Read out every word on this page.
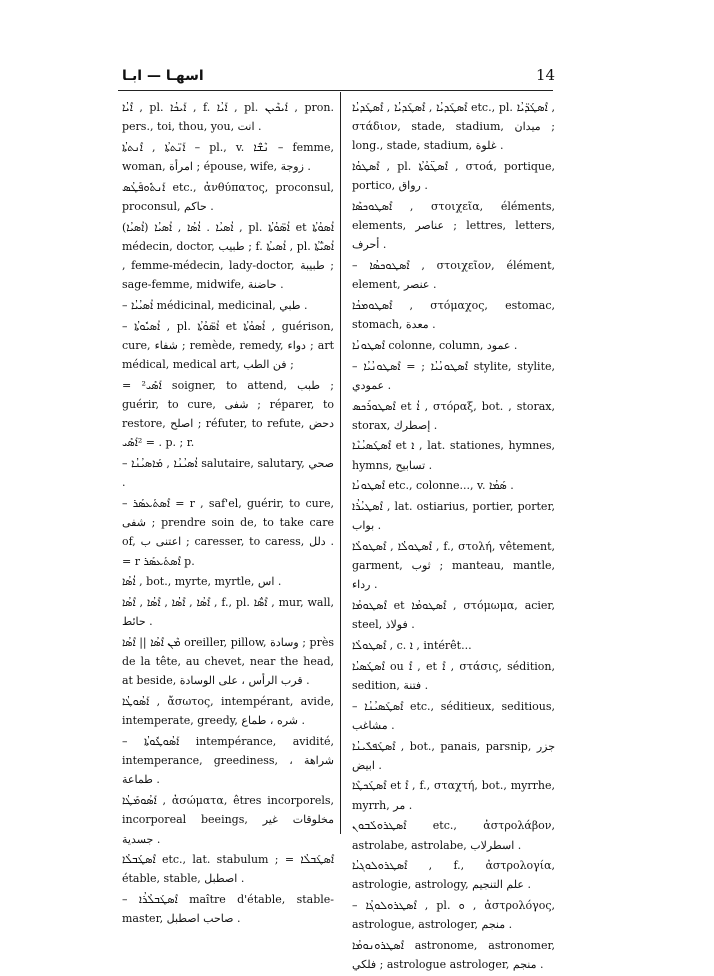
اسهـا — ابـا	14

ܐܶܝܳܐ , pl. ܐܰܝܟܳܐ , f. ܐܰܝܳܐ , pl. ܐܰܝܟܶܝܢ , pron. pers., toi, thou, you, انت .

ܐܰܢ̈ܬܬܳܐ , ܐܶܢܬܬܳܐ – pl., v. ܢܶܫ̈ܶܐ – femme, woman, امرأة ; épouse, wife, زوجة .

ܐܰܢܬܽܘܦܰܛܳܣ etc., ἀνθύπατος, proconsul, proconsul, حاكم .

(ܐܳܣܝܳܐ) ܐܳܣܝܳܐ . ܐܳܣܳܐ , ܐܳܣܝܳܐ , pl. ܐܳܣ̈ܘܳܬܳܐ et ܐܳܣܘܳܬܳܐ médecin, doctor, طبيب ; f. ܐܳܣܝܬܳܐ , pl. ܐܳܣܝ̈ܳܬܳܐ , femme-médecin, lady-doctor, طبيبة ; sage-femme, midwife, حاضنة .

– ܐܳܣܝܳܝܳܐ médicinal, medicinal, طبي .

– ܐܳܣܝܽܘܬܳܐ , pl. ܐܳܣ̈ܘܳܬܳܐ et ܐܳܣܘܳܬܳܐ , guérison, cure, شفاء ; remède, remedy, دواء ; art médical, medical art, فن الطب ;

= ²ܐܰܣܺܝ soigner, to attend, طبب ; guérir, to cure, شفى ; réparer, to restore, اصلح ; réfuter, to refute, دحض . = ²ܐܰܣܺܝ p. ; r.

– ܐܳܣܝܳܢܳܐ , ܡܰܐܣܝܳܢܳܐ salutaire, salutary, صحي .

– ܐܶܣܬܰܥܣܰܪ = r , saf'el, guérir, to cure, شفى ; prendre soin de, to take care of, اعتنى ب ; caresser, to caress, دلل . = r ܐܶܣܬܰܥܣܰܪ p.

ܐܳܣܳܐ , bot., myrte, myrtle, اس .

ܐܶܣܳܐ , ܐܶܣܳܐ , ܐܶܣܳܐ , ܐܶܣܳܐ , f., pl. ܐܶܣ̈ܳܐ , mur, wall, حائط .

ܡܶܢ ܐܶܣܳܐ || ܐܶܣܳܐ oreiller, pillow, وسادة ; près de la tête, au chevet, near the head, at beside, قرب الرأس ، على الوسادة .

ܐܰܣܳܘܛܳܐ , ἄσωτος, intempérant, avide, intemperate, greedy, شره ، طماع .

– ܐܰܣܳܘܛܽܘܬܳܐ intempérance, avidité, intemperance, greediness, شراهة ، طماعة .

ܐܰܣܳܘܡܰܛܳܐ , ἀσώματα, êtres incorporels, incorporeal beeings, مخلوقات غير جسدية .

ܐܶܣܛܰܒܠܳܐ etc., lat. stabulum ; = ܐܶܣܛܰܒܠܳܐ étable, stable, اصطبل .

– ܐܶܣܛܰܒܠܳܪܳܐ maître d'étable, stable-master, صاحب اصطبل .

ܐܶܣܛܰܕܝܳܐ , ܐܶܣܛܰܕܝܳܐ , ܐܶܣܛܰܕܝܳܐ etc., pl. ܐܶܣܛܰܕ̈ܝܳܐ , στάδιον, stade, stadium, ميدان ; long., stade, stadium, غلوة .

ܐܶܣܛܘܳܐ , pl. ܐܶܣܛ̈ܘܳܬܳܐ , στοά, portique, portico, رواق .

ܐܶܣܛܘܟܣܶܐ , στοιχεῖα, éléments, elements, عناصر ; lettres, letters, أحرف .

– ܐܶܣܛܘܟܣܳܐ , στοιχεῖον, élément, element, عنصر .

ܐܶܣܛܘܡܟܳܐ , στόμαχος, estomac, stomach, معدة .

ܐܶܣܛܘܢܳܐ colonne, column, عمود .

– ܐܶܣܛܘܢܳܝܳܐ ; = ܐܶܣܛܘܢܳܝܳܐ stylite, stylite, عمودي .

ܐܶܣܛܘܪܰܟܣ et ܐܳ , στόραξ, bot. , storax, storax, إصطرك .

ܐܶܣܛܰܣܝܳܢܶܐ et ܐ , lat. stationes, hymnes, hymns, تسابيح .

ܐܶܣܛܘܢܳܐ etc., colonne..., v. ܣܰܡܳܐ .

ܐܶܣܛܝܳܪܳܐ , lat. ostiarius, portier, porter, بواب .

ܐܶܣܛܘܠܳܐ , ܐܶܣܛܘܠܳܐ , f., στολή, vêtement, garment, ثوب ; manteau, mantle, رداء .

ܐܶܣܛܘܡܳܐ et ܐܶܣܛܘܡܳܐ , στόμωμα, acier, steel, فولاذ .

ܐܶܣܛܘܠܳܐ , c. ܐ , intérêt...

ܐܶܣܛܰܣܝܳܐ ou ܐܶ , et ܐܶ , στάσις, sédition, sedition, فتنة .

– ܐܶܣܛܰܣܝܳܢܳܐ etc., séditieux, seditious, مشاغب .

ܐܶܣܛܰܦܠܺܝܢܳܐ , bot., panais, parsnip, جزر ابيض .

ܐܶܣܛܰܟܛܶܐ et ܐܶ , f., σταχτή, bot., myrrhe, myrrh, مر .

ܐܶܣܛܪܘܠܰܒܘܢ etc., ἀστρολάβον, astrolabe, astrolabe, اسطرلاب .

ܐܶܣܛܪܘܠܘܓܝܳܐ , f., ἀστρολογία, astrologie, astrology, علم التنجيم .

– ܐܶܣܛܪܘܠܘܓܳܐ , pl. ܘ , ἀστρολόγος, astrologue, astrologer, منجم .

ܐܶܣܛܪܘܢܘܡܳܐ astronome, astronomer, فلكي ; astrologue astrologer, منجم .
